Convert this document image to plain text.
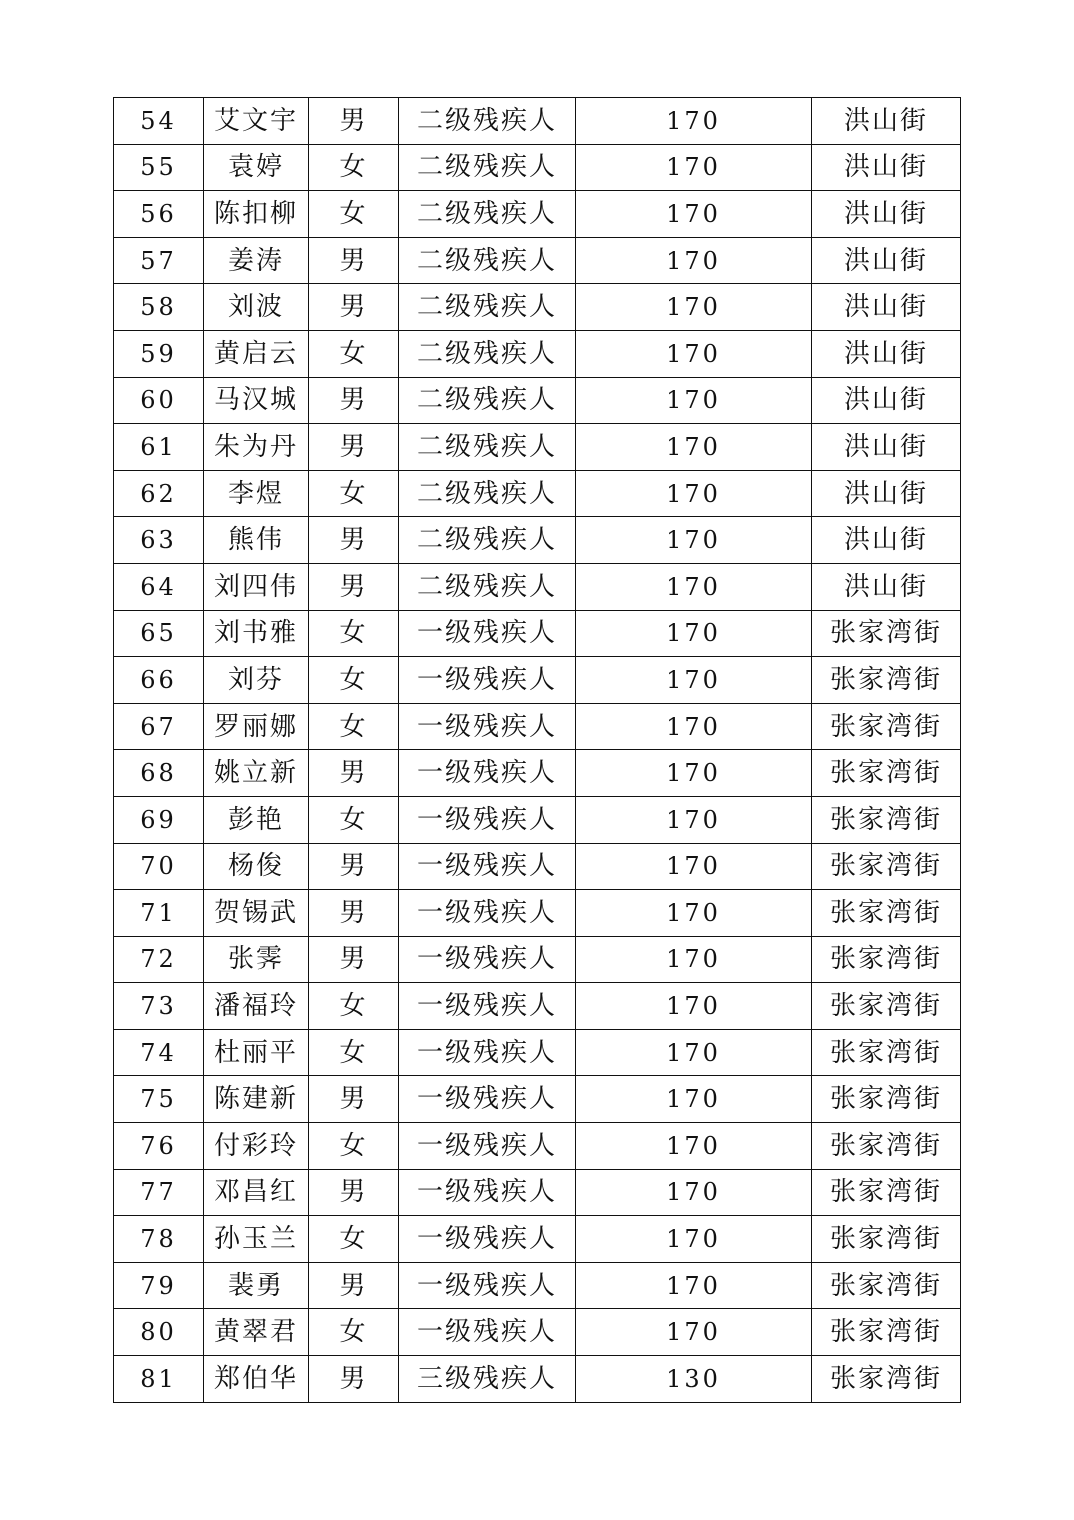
54	艾文宇	男	二级残疾人	170	洪山街
55	袁婷	女	二级残疾人	170	洪山街
56	陈扣柳	女	二级残疾人	170	洪山街
57	姜涛	男	二级残疾人	170	洪山街
58	刘波	男	二级残疾人	170	洪山街
59	黄启云	女	二级残疾人	170	洪山街
60	马汉城	男	二级残疾人	170	洪山街
61	朱为丹	男	二级残疾人	170	洪山街
62	李煜	女	二级残疾人	170	洪山街
63	熊伟	男	二级残疾人	170	洪山街
64	刘四伟	男	二级残疾人	170	洪山街
65	刘书雅	女	一级残疾人	170	张家湾街
66	刘芬	女	一级残疾人	170	张家湾街
67	罗丽娜	女	一级残疾人	170	张家湾街
68	姚立新	男	一级残疾人	170	张家湾街
69	彭艳	女	一级残疾人	170	张家湾街
70	杨俊	男	一级残疾人	170	张家湾街
71	贺锡武	男	一级残疾人	170	张家湾街
72	张霁	男	一级残疾人	170	张家湾街
73	潘福玲	女	一级残疾人	170	张家湾街
74	杜丽平	女	一级残疾人	170	张家湾街
75	陈建新	男	一级残疾人	170	张家湾街
76	付彩玲	女	一级残疾人	170	张家湾街
77	邓昌红	男	一级残疾人	170	张家湾街
78	孙玉兰	女	一级残疾人	170	张家湾街
79	裴勇	男	一级残疾人	170	张家湾街
80	黄翠君	女	一级残疾人	170	张家湾街
81	郑伯华	男	三级残疾人	130	张家湾街
